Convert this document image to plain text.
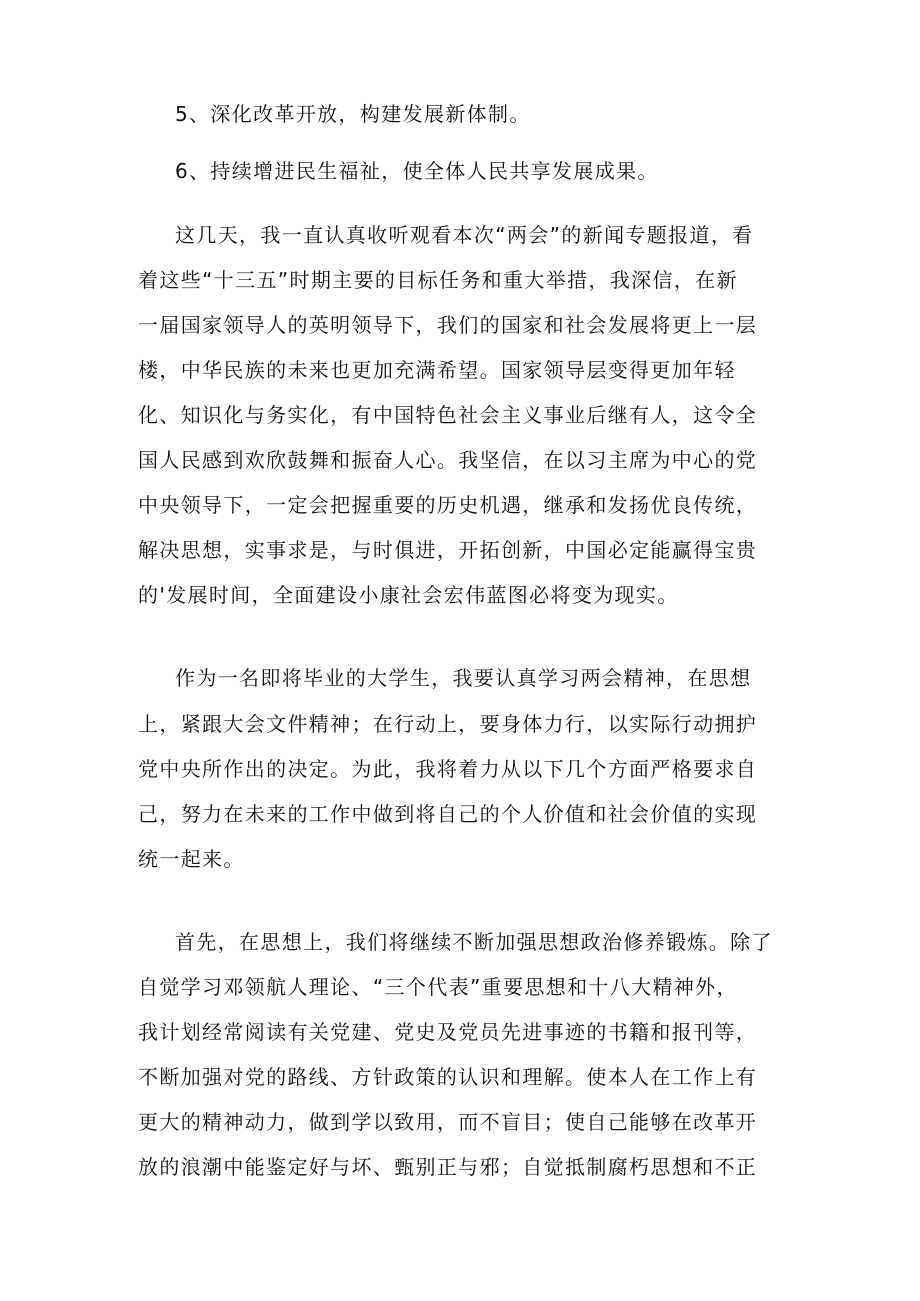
5、深化改革开放，构建发展新体制。

6、持续增进民生福祉，使全体人民共享发展成果。

这几天，我一直认真收听观看本次“两会”的新闻专题报道，看

着这些“十三五”时期主要的目标任务和重大举措，我深信，在新

一届国家领导人的英明领导下，我们的国家和社会发展将更上一层

楼，中华民族的未来也更加充满希望。国家领导层变得更加年轻

化、知识化与务实化，有中国特色社会主义事业后继有人，这令全

国人民感到欢欣鼓舞和振奋人心。我坚信，在以习主席为中心的党

中央领导下，一定会把握重要的历史机遇，继承和发扬优良传统，

解决思想，实事求是，与时俱进，开拓创新，中国必定能赢得宝贵

的'发展时间，全面建设小康社会宏伟蓝图必将变为现实。

作为一名即将毕业的大学生，我要认真学习两会精神，在思想

上，紧跟大会文件精神；在行动上，要身体力行，以实际行动拥护

党中央所作出的决定。为此，我将着力从以下几个方面严格要求自

己，努力在未来的工作中做到将自己的个人价值和社会价值的实现

统一起来。

首先，在思想上，我们将继续不断加强思想政治修养锻炼。除了

自觉学习邓领航人理论、“三个代表”重要思想和十八大精神外，

我计划经常阅读有关党建、党史及党员先进事迹的书籍和报刊等，

不断加强对党的路线、方针政策的认识和理解。使本人在工作上有

更大的精神动力，做到学以致用，而不盲目；使自己能够在改革开

放的浪潮中能鉴定好与坏、甄别正与邪；自觉抵制腐朽思想和不正
